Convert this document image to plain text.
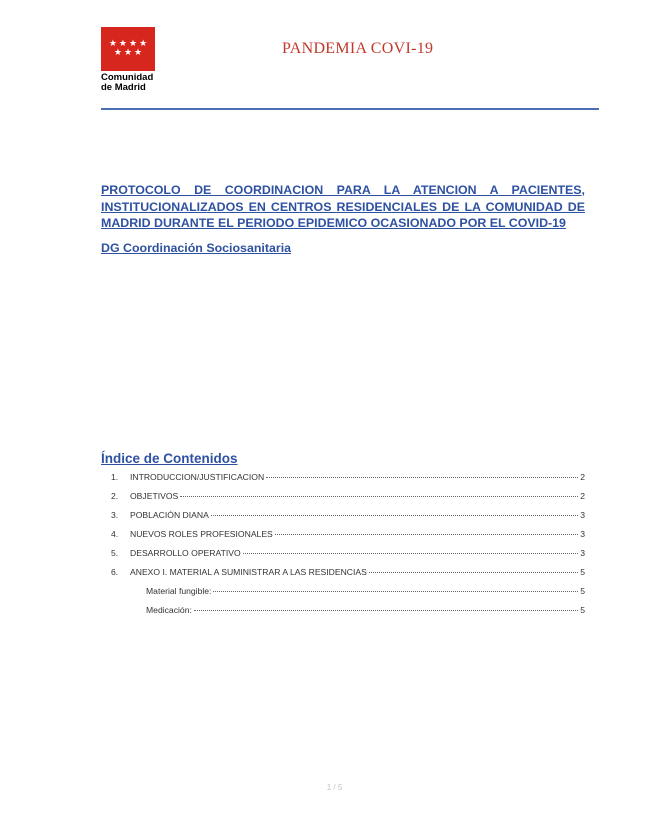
★ ★ ★ ★
★ ★ ★
Comunidad
de Madrid
PANDEMIA COVI-19
PROTOCOLO DE COORDINACION PARA LA ATENCION A PACIENTES, INSTITUCIONALIZADOS EN CENTROS RESIDENCIALES DE LA COMUNIDAD DE MADRID DURANTE EL PERIODO EPIDEMICO OCASIONADO POR EL COVID-19
DG Coordinación Sociosanitaria
Índice de Contenidos
1.	INTRODUCCION/JUSTIFICACION	2
2.	OBJETIVOS	2
3.	POBLACIÓN DIANA	3
4.	NUEVOS ROLES PROFESIONALES	3
5.	DESARROLLO OPERATIVO	3
6.	ANEXO I. MATERIAL A SUMINISTRAR A LAS RESIDENCIAS	5
Material fungible:	5
Medicación:	5
1 / 5
